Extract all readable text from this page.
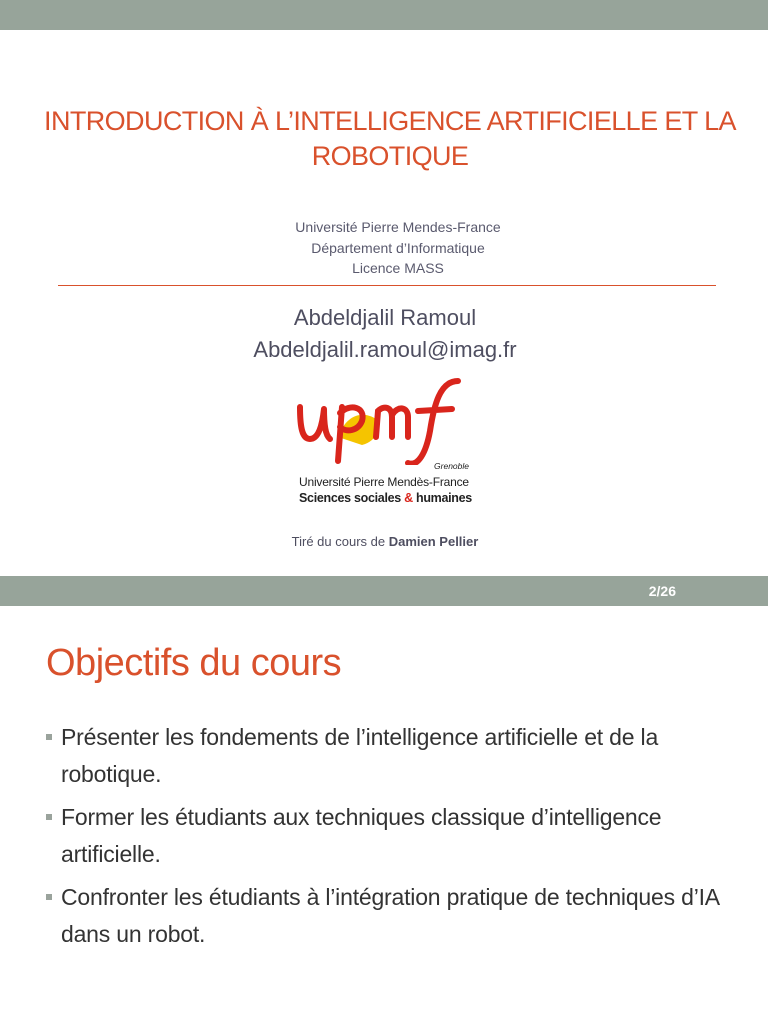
INTRODUCTION À L’INTELLIGENCE ARTIFICIELLE ET LA ROBOTIQUE
Université Pierre Mendes-France
Département d’Informatique
Licence MASS
Abdeldjalil Ramoul
Abdeldjalil.ramoul@imag.fr
Grenoble
Université Pierre Mendès-France
Sciences sociales & humaines
Tiré du cours de Damien Pellier
2/26
Objectifs du cours
Présenter les fondements de l’intelligence artificielle et de la robotique.
Former les étudiants aux techniques classique d’intelligence artificielle.
Confronter les étudiants à l’intégration pratique de techniques d’IA dans un robot.
